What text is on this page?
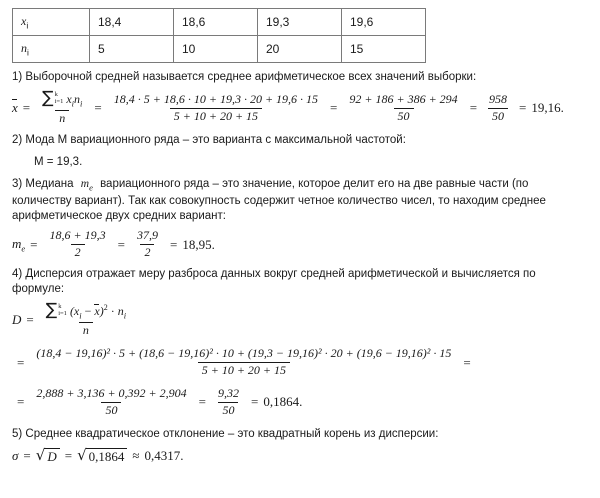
$x_i$	18,4	18,6	19,3	19,6
$n_i$	5	10	20	15
1) Выборочной средней называется среднее арифметическое всех значений выборки:
x = ∑ k
i=1 $x_in_i$
n
= $\frac{18,4 \cdot 5 + 18,6 \cdot 10 + 19,3 \cdot 20 + 19,6 \cdot 15}{5 + 10 + 20 + 15} = \frac{92 + 186 + 386 + 294}{50} = \frac{958}{50} = 19,16$.
2) Мода M вариационного ряда – это варианта с максимальной частотой:
M = 19,3.
3) Медиана $m_e$ вариационного ряда – это значение, которое делит его на две равные части (по количеству вариант). Так как совокупность содержит четное количество чисел, то находим среднее арифметическое двух средних вариант:
$m_e = \frac{18,6 + 19,3}{2} = \frac{37,9}{2} = 18,95$.
4) Дисперсия отражает меру разброса данных вокруг средней арифметической и вычисляется по формуле:
D = ∑ k
i=1 $(x_i - x)^2 \cdot n_i$
n
=
(18,4 − 19,16)² · 5 + (18,6 − 19,16)² · 10 + (19,3 − 19,16)² · 20 + (19,6 − 19,16)² · 15
5 + 10 + 20 + 15
=
= $\frac{2,888 + 3,136 + 0,392 + 2,904}{50} = \frac{9,32}{50} = 0,1864$.
5) Среднее квадратическое отклонение – это квадратный корень из дисперсии:
σ = √ D = √ 0,1864 ≈ 0,4317.
